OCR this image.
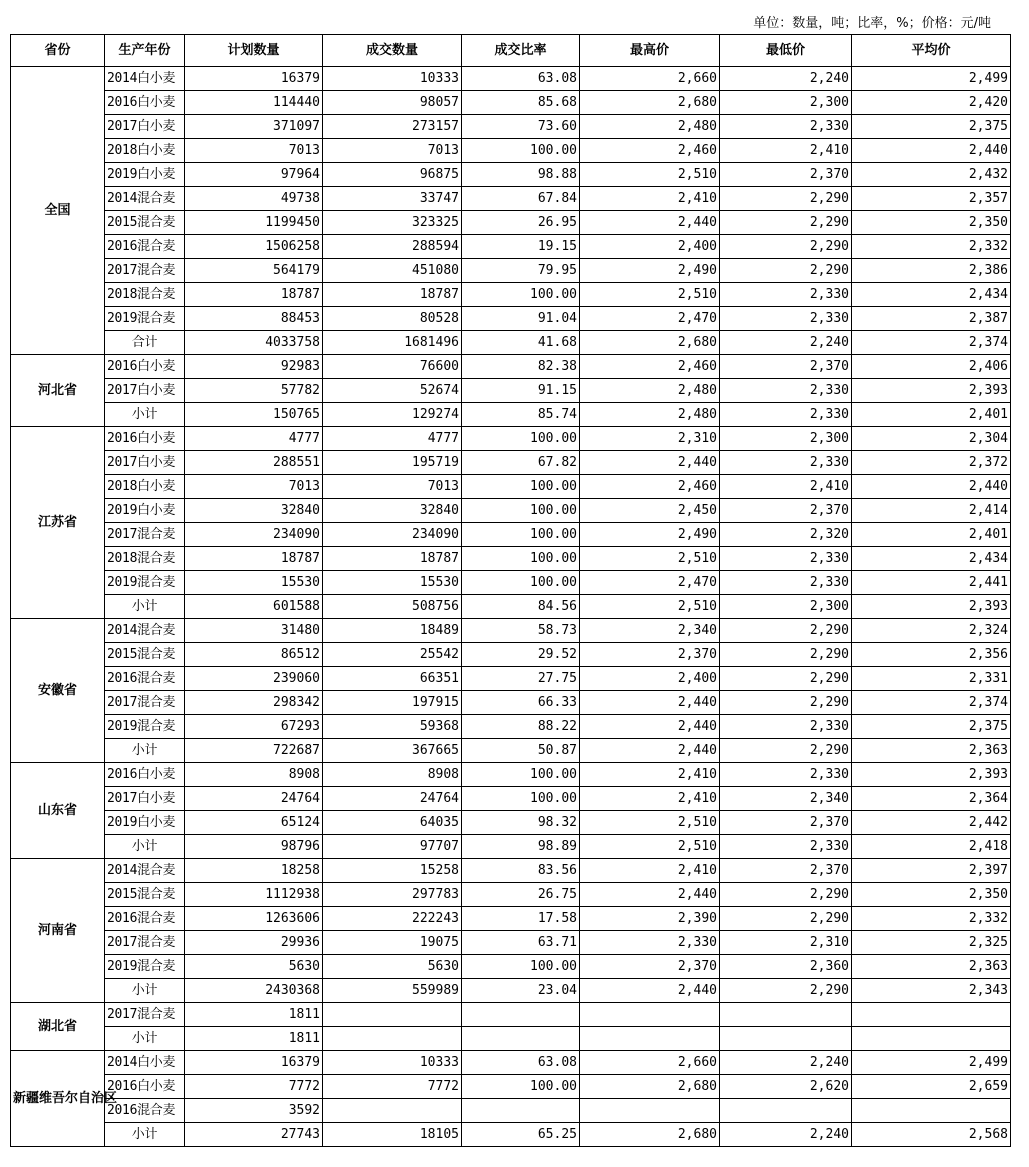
单位：数量，吨；比率，%；价格：元/吨
省份	生产年份	计划数量	成交数量	成交比率	最高价	最低价	平均价
全国	2014白小麦	16379	10333	63.08	2,660	2,240	2,499
	2016白小麦	114440	98057	85.68	2,680	2,300	2,420
	2017白小麦	371097	273157	73.60	2,480	2,330	2,375
	2018白小麦	7013	7013	100.00	2,460	2,410	2,440
	2019白小麦	97964	96875	98.88	2,510	2,370	2,432
	2014混合麦	49738	33747	67.84	2,410	2,290	2,357
	2015混合麦	1199450	323325	26.95	2,440	2,290	2,350
	2016混合麦	1506258	288594	19.15	2,400	2,290	2,332
	2017混合麦	564179	451080	79.95	2,490	2,290	2,386
	2018混合麦	18787	18787	100.00	2,510	2,330	2,434
	2019混合麦	88453	80528	91.04	2,470	2,330	2,387
	合计	4033758	1681496	41.68	2,680	2,240	2,374
河北省	2016白小麦	92983	76600	82.38	2,460	2,370	2,406
	2017白小麦	57782	52674	91.15	2,480	2,330	2,393
	小计	150765	129274	85.74	2,480	2,330	2,401
江苏省	2016白小麦	4777	4777	100.00	2,310	2,300	2,304
	2017白小麦	288551	195719	67.82	2,440	2,330	2,372
	2018白小麦	7013	7013	100.00	2,460	2,410	2,440
	2019白小麦	32840	32840	100.00	2,450	2,370	2,414
	2017混合麦	234090	234090	100.00	2,490	2,320	2,401
	2018混合麦	18787	18787	100.00	2,510	2,330	2,434
	2019混合麦	15530	15530	100.00	2,470	2,330	2,441
	小计	601588	508756	84.56	2,510	2,300	2,393
安徽省	2014混合麦	31480	18489	58.73	2,340	2,290	2,324
	2015混合麦	86512	25542	29.52	2,370	2,290	2,356
	2016混合麦	239060	66351	27.75	2,400	2,290	2,331
	2017混合麦	298342	197915	66.33	2,440	2,290	2,374
	2019混合麦	67293	59368	88.22	2,440	2,330	2,375
	小计	722687	367665	50.87	2,440	2,290	2,363
山东省	2016白小麦	8908	8908	100.00	2,410	2,330	2,393
	2017白小麦	24764	24764	100.00	2,410	2,340	2,364
	2019白小麦	65124	64035	98.32	2,510	2,370	2,442
	小计	98796	97707	98.89	2,510	2,330	2,418
河南省	2014混合麦	18258	15258	83.56	2,410	2,370	2,397
	2015混合麦	1112938	297783	26.75	2,440	2,290	2,350
	2016混合麦	1263606	222243	17.58	2,390	2,290	2,332
	2017混合麦	29936	19075	63.71	2,330	2,310	2,325
	2019混合麦	5630	5630	100.00	2,370	2,360	2,363
	小计	2430368	559989	23.04	2,440	2,290	2,343
湖北省	2017混合麦	1811					
	小计	1811					
新疆维吾尔自治区	2014白小麦	16379	10333	63.08	2,660	2,240	2,499
	2016白小麦	7772	7772	100.00	2,680	2,620	2,659
	2016混合麦	3592					
	小计	27743	18105	65.25	2,680	2,240	2,568
